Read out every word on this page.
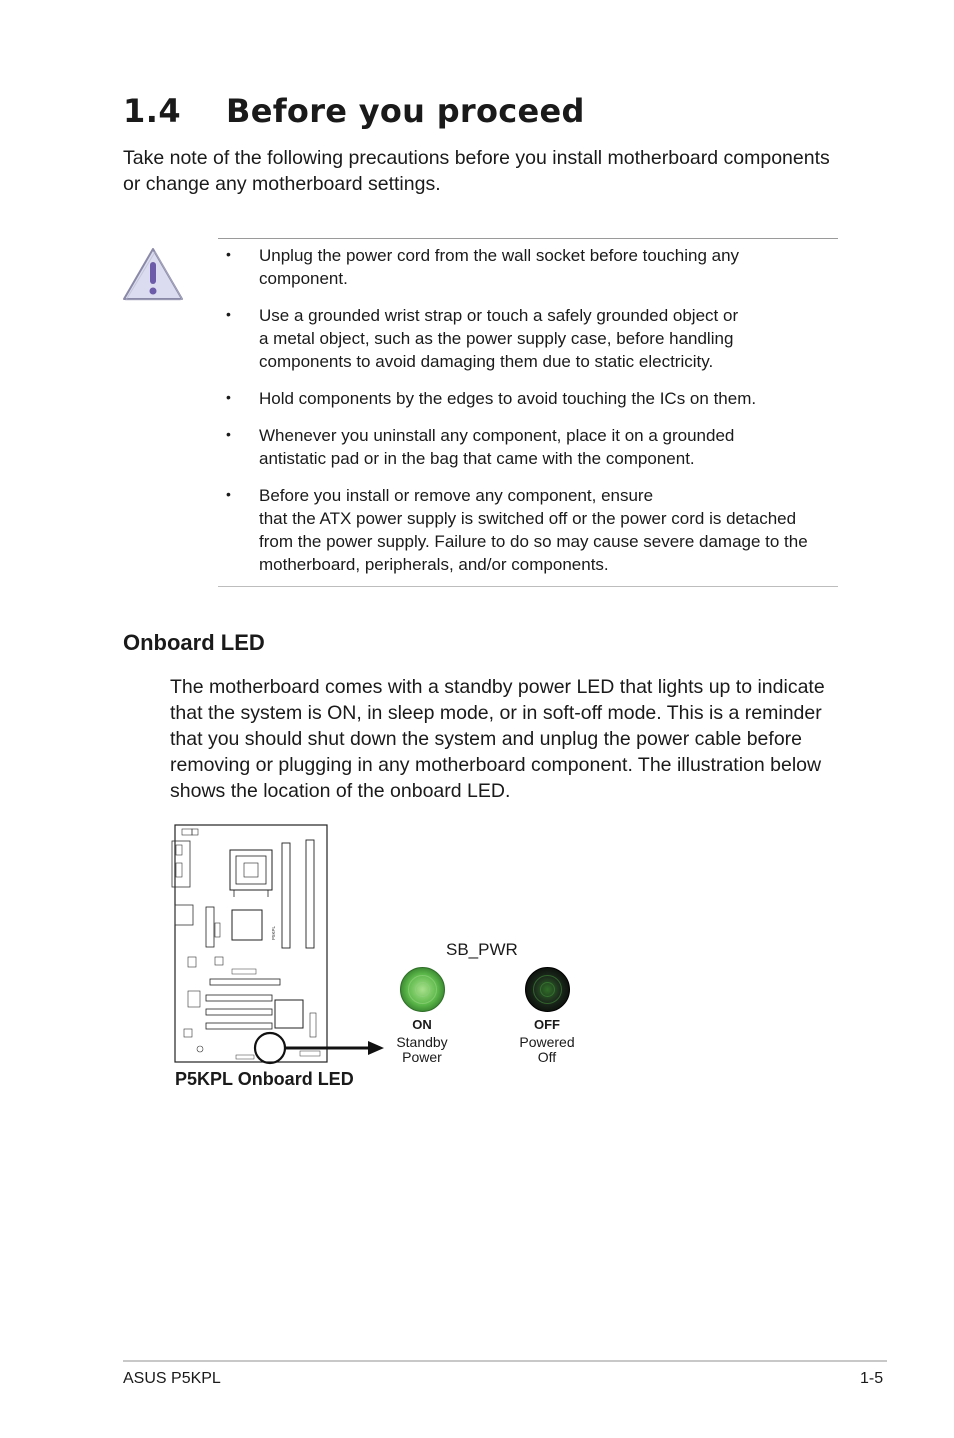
1.4 Before you proceed
Take note of the following precautions before you install motherboard components or change any motherboard settings.
• Unplug the power cord from the wall socket before touching any
component.
• Use a grounded wrist strap or touch a safely grounded object or
a metal object, such as the power supply case, before handling
components to avoid damaging them due to static electricity.
• Hold components by the edges to avoid touching the ICs on them.
• Whenever you uninstall any component, place it on a grounded
antistatic pad or in the bag that came with the component.
• Before you install or remove any component, ensure
that the ATX power supply is switched off or the power cord is detached
from the power supply. Failure to do so may cause severe damage to the
motherboard, peripherals, and/or components.
Onboard LED
The motherboard comes with a standby power LED that lights up to indicate that the system is ON, in sleep mode, or in soft-off mode. This is a reminder that you should shut down the system and unplug the power cable before removing or plugging in any motherboard component. The illustration below shows the location of the onboard LED.
P5KPL
P5KPL Onboard LED
SB_PWR
ON
Standby
Power
OFF
Powered
Off
ASUS P5KPL	1-5
